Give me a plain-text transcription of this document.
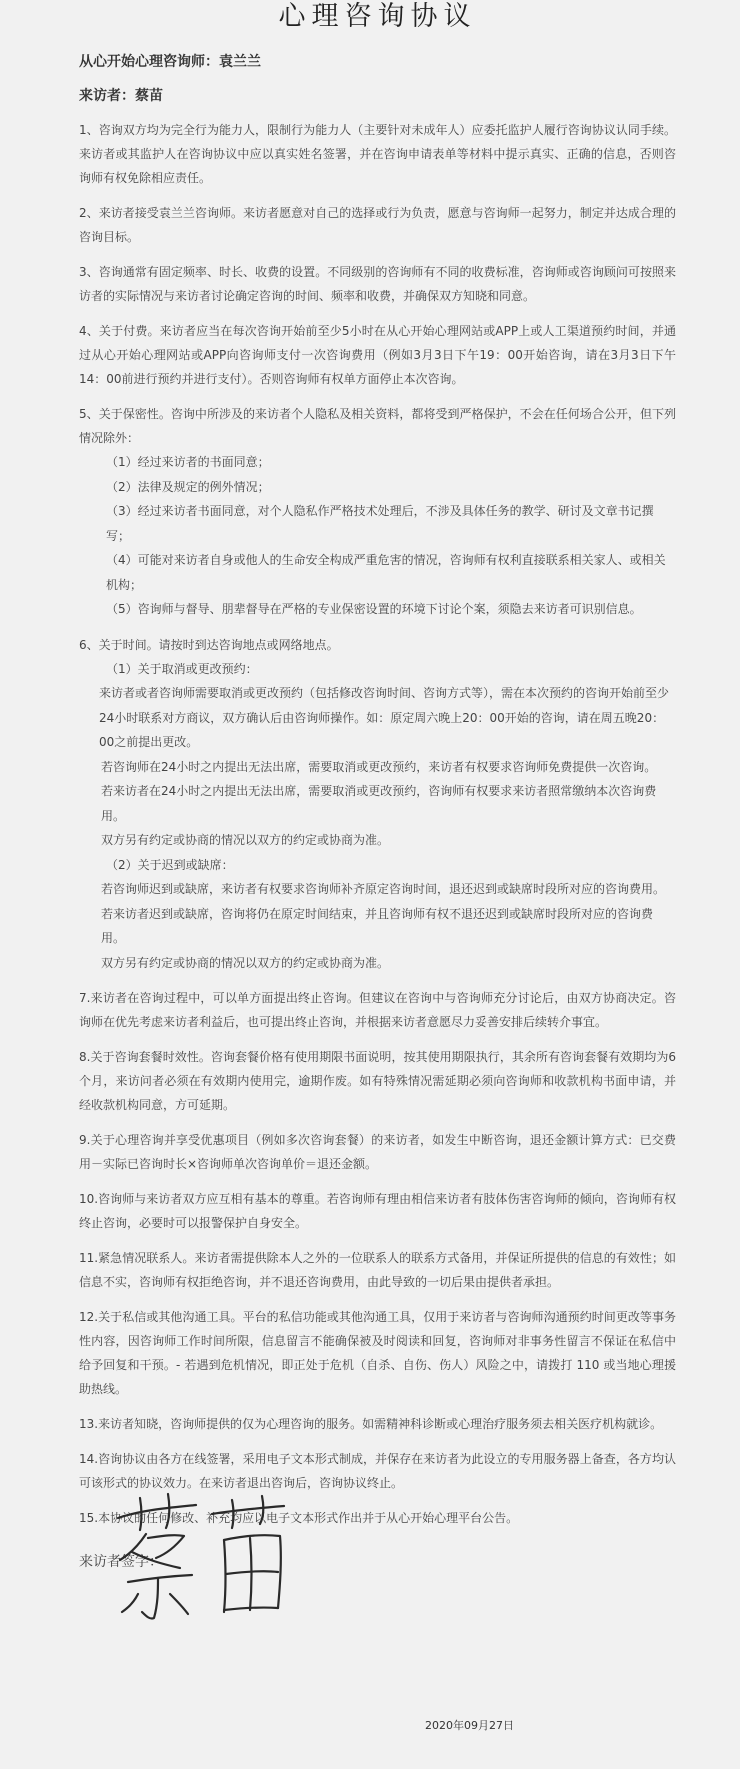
心理咨询协议

从心开始心理咨询师：袁兰兰

来访者：蔡苗

1、咨询双方均为完全行为能力人，限制行为能力人（主要针对未成年人）应委托监护人履行咨询协议认同手续。来访者或其监护人在咨询协议中应以真实姓名签署，并在咨询申请表单等材料中提示真实、正确的信息，否则咨询师有权免除相应责任。

2、来访者接受袁兰兰咨询师。来访者愿意对自己的选择或行为负责，愿意与咨询师一起努力，制定并达成合理的咨询目标。

3、咨询通常有固定频率、时长、收费的设置。不同级别的咨询师有不同的收费标准，咨询师或咨询顾问可按照来访者的实际情况与来访者讨论确定咨询的时间、频率和收费，并确保双方知晓和同意。

4、关于付费。来访者应当在每次咨询开始前至少5小时在从心开始心理网站或APP上或人工渠道预约时间，并通过从心开始心理网站或APP向咨询师支付一次咨询费用（例如3月3日下午19：00开始咨询，请在3月3日下午14：00前进行预约并进行支付）。否则咨询师有权单方面停止本次咨询。

5、关于保密性。咨询中所涉及的来访者个人隐私及相关资料，都将受到严格保护，不会在任何场合公开，但下列情况除外：

（1）经过来访者的书面同意；

（2）法律及规定的例外情况；

（3）经过来访者书面同意，对个人隐私作严格技术处理后，不涉及具体任务的教学、研讨及文章书记撰写；

（4）可能对来访者自身或他人的生命安全构成严重危害的情况，咨询师有权利直接联系相关家人、或相关机构；

（5）咨询师与督导、朋辈督导在严格的专业保密设置的环境下讨论个案，须隐去来访者可识别信息。

6、关于时间。请按时到达咨询地点或网络地点。

（1）关于取消或更改预约：

来访者或者咨询师需要取消或更改预约（包括修改咨询时间、咨询方式等），需在本次预约的咨询开始前至少24小时联系对方商议，双方确认后由咨询师操作。如：原定周六晚上20：00开始的咨询，请在周五晚20：00之前提出更改。

若咨询师在24小时之内提出无法出席，需要取消或更改预约，来访者有权要求咨询师免费提供一次咨询。

若来访者在24小时之内提出无法出席，需要取消或更改预约，咨询师有权要求来访者照常缴纳本次咨询费用。

双方另有约定或协商的情况以双方的约定或协商为准。

（2）关于迟到或缺席：

若咨询师迟到或缺席，来访者有权要求咨询师补齐原定咨询时间，退还迟到或缺席时段所对应的咨询费用。

若来访者迟到或缺席，咨询将仍在原定时间结束，并且咨询师有权不退还迟到或缺席时段所对应的咨询费用。

双方另有约定或协商的情况以双方的约定或协商为准。

7.来访者在咨询过程中，可以单方面提出终止咨询。但建议在咨询中与咨询师充分讨论后，由双方协商决定。咨询师在优先考虑来访者利益后，也可提出终止咨询，并根据来访者意愿尽力妥善安排后续转介事宜。

8.关于咨询套餐时效性。咨询套餐价格有使用期限书面说明，按其使用期限执行，其余所有咨询套餐有效期均为6个月，来访问者必须在有效期内使用完，逾期作废。如有特殊情况需延期必须向咨询师和收款机构书面申请，并经收款机构同意，方可延期。

9.关于心理咨询并享受优惠项目（例如多次咨询套餐）的来访者，如发生中断咨询，退还金额计算方式：已交费用－实际已咨询时长×咨询师单次咨询单价＝退还金额。

10.咨询师与来访者双方应互相有基本的尊重。若咨询师有理由相信来访者有肢体伤害咨询师的倾向，咨询师有权终止咨询，必要时可以报警保护自身安全。

11.紧急情况联系人。来访者需提供除本人之外的一位联系人的联系方式备用，并保证所提供的信息的有效性；如信息不实，咨询师有权拒绝咨询，并不退还咨询费用，由此导致的一切后果由提供者承担。

12.关于私信或其他沟通工具。平台的私信功能或其他沟通工具，仅用于来访者与咨询师沟通预约时间更改等事务性内容，因咨询师工作时间所限，信息留言不能确保被及时阅读和回复，咨询师对非事务性留言不保证在私信中给予回复和干预。- 若遇到危机情况，即正处于危机（自杀、自伤、伤人）风险之中，请拨打 110 或当地心理援助热线。

13.来访者知晓，咨询师提供的仅为心理咨询的服务。如需精神科诊断或心理治疗服务须去相关医疗机构就诊。

14.咨询协议由各方在线签署，采用电子文本形式制成，并保存在来访者为此设立的专用服务器上备查，各方均认可该形式的协议效力。在来访者退出咨询后，咨询协议终止。

15.本协议的任何修改、补充均应以电子文本形式作出并于从心开始心理平台公告。

来访者签字：

2020年09月27日
